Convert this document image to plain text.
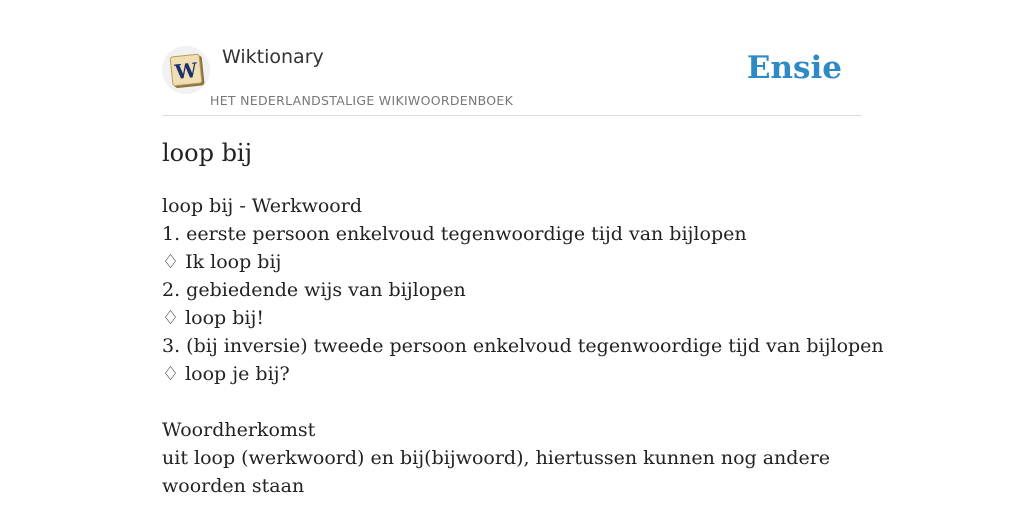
W
Wiktionary
HET NEDERLANDSTALIGE WIKIWOORDENBOEK
Ensie
loop bij
loop bij - Werkwoord
1. eerste persoon enkelvoud tegenwoordige tijd van bijlopen
♢ Ik loop bij
2. gebiedende wijs van bijlopen
♢ loop bij!
3. (bij inversie) tweede persoon enkelvoud tegenwoordige tijd van bijlopen
♢ loop je bij?
Woordherkomst
uit loop (werkwoord) en bij(bijwoord), hiertussen kunnen nog andere woorden staan
